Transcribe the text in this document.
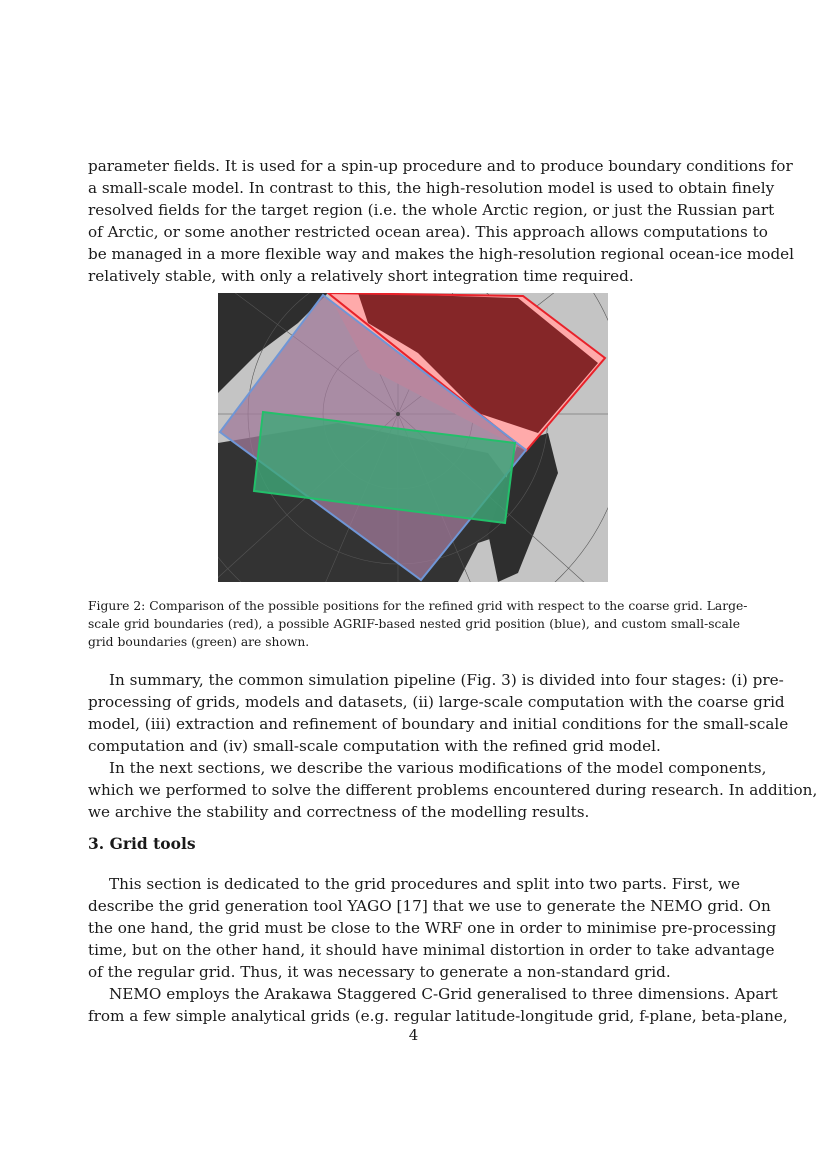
parameter fields. It is used for a spin-up procedure and to produce boundary conditions for
a small-scale model. In contrast to this, the high-resolution model is used to obtain finely
resolved fields for the target region (i.e. the whole Arctic region, or just the Russian part
of Arctic, or some another restricted ocean area). This approach allows computations to
be managed in a more flexible way and makes the high-resolution regional ocean-ice model
relatively stable, with only a relatively short integration time required.
Figure 2: Comparison of the possible positions for the refined grid with respect to the coarse grid. Large-
scale grid boundaries (red), a possible AGRIF-based nested grid position (blue), and custom small-scale
grid boundaries (green) are shown.
In summary, the common simulation pipeline (Fig. 3) is divided into four stages: (i) pre-
processing of grids, models and datasets, (ii) large-scale computation with the coarse grid
model, (iii) extraction and refinement of boundary and initial conditions for the small-scale
computation and (iv) small-scale computation with the refined grid model.
In the next sections, we describe the various modifications of the model components,
which we performed to solve the different problems encountered during research. In addition,
we archive the stability and correctness of the modelling results.
3. Grid tools
This section is dedicated to the grid procedures and split into two parts. First, we
describe the grid generation tool YAGO [17] that we use to generate the NEMO grid. On
the one hand, the grid must be close to the WRF one in order to minimise pre-processing
time, but on the other hand, it should have minimal distortion in order to take advantage
of the regular grid. Thus, it was necessary to generate a non-standard grid.
NEMO employs the Arakawa Staggered C-Grid generalised to three dimensions. Apart
from a few simple analytical grids (e.g. regular latitude-longitude grid, f-plane, beta-plane,
4
